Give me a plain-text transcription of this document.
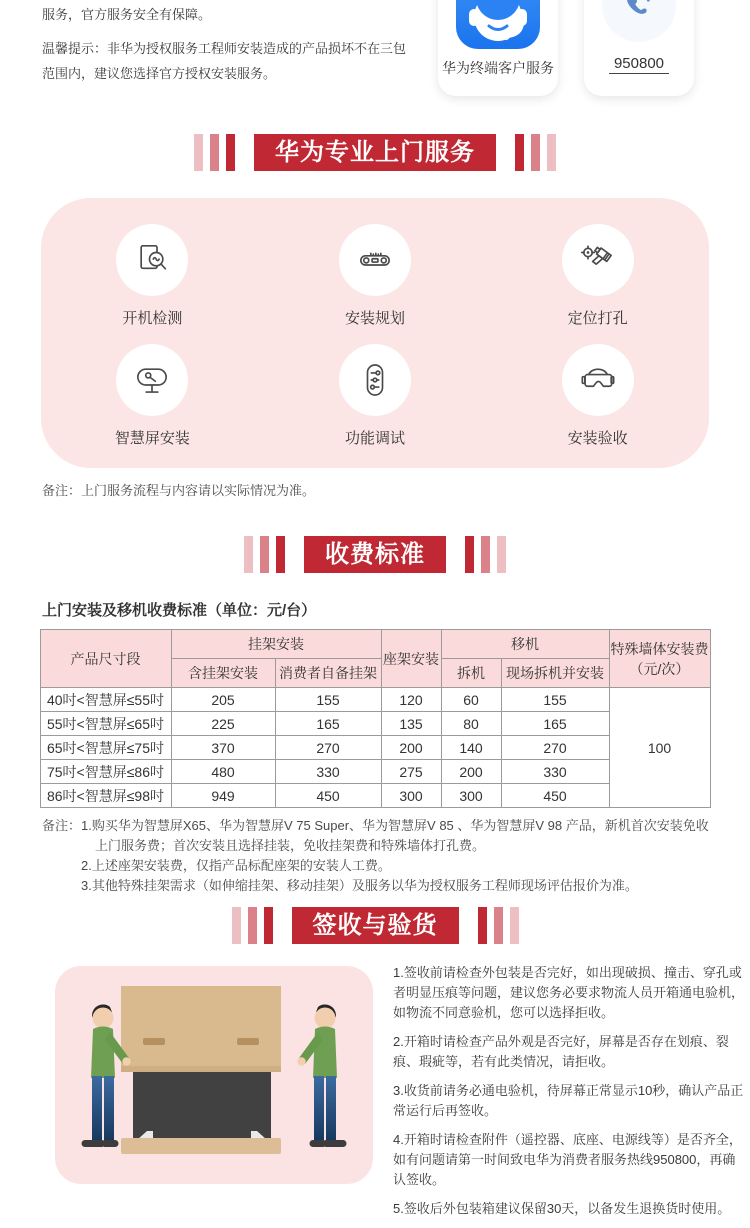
服务，官方服务安全有保障。
温馨提示：非华为授权服务工程师安装造成的产品损坏不在三包范围内，建议您选择官方授权安装服务。	华为终端客户服务	950800
华为专业上门服务
开机检测	安装规划	定位打孔
智慧屏安装	功能调试	安装验收
备注：上门服务流程与内容请以实际情况为准。
收费标准
上门安装及移机收费标准（单位：元/台）
产品尺寸段	挂架安装		座架安装	移机		特殊墙体安装费
（元/次）

	含挂架安装	消费者自备挂架		拆机	现场拆机并安装	
40吋<智慧屏≤55吋	205	155	120	60	155	100
55吋<智慧屏≤65吋	225	165	135	80	165	
65吋<智慧屏≤75吋	370	270	200	140	270	
75吋<智慧屏≤86吋	480	330	275	200	330	
86吋<智慧屏≤98吋	949	450	300	300	450	
备注： 1.购买华为智慧屏X65、华为智慧屏V 75 Super、华为智慧屏V 85 、华为智慧屏V 98 产品，新机首次安装免收上门服务费；首次安装且选择挂装，免收挂架费和特殊墙体打孔费。
2.上述座架安装费，仅指产品标配座架的安装人工费。
3.其他特殊挂架需求（如伸缩挂架、移动挂架）及服务以华为授权服务工程师现场评估报价为准。
签收与验货

1.签收前请检查外包装是否完好，如出现破损、撞击、穿孔或者明显压痕等问题，建议您务必要求物流人员开箱通电验机，如物流不同意验机，您可以选择拒收。

2.开箱时请检查产品外观是否完好，屏幕是否存在划痕、裂痕、瑕疵等，若有此类情况，请拒收。

3.收货前请务必通电验机，待屏幕正常显示10秒，确认产品正常运行后再签收。

4.开箱时请检查附件（遥控器、底座、电源线等）是否齐全，如有问题请第一时间致电华为消费者服务热线950800，再确认签收。

5.签收后外包装箱建议保留30天，以备发生退换货时使用。
